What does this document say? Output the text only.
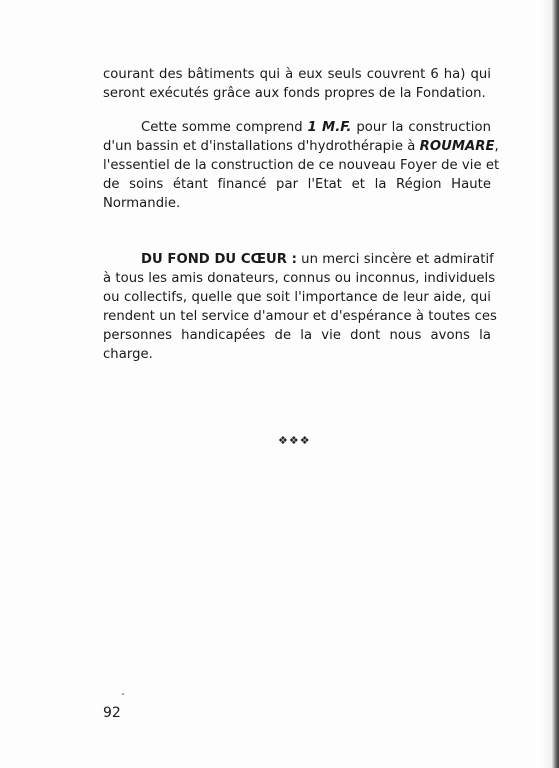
courant des bâtiments qui à eux seuls couvrent 6 ha) qui
seront exécutés grâce aux fonds propres de la Fondation.
Cette somme comprend 1 M.F. pour la construction
d'un bassin et d'installations d'hydrothérapie à ROUMARE,
l'essentiel de la construction de ce nouveau Foyer de vie et
de soins étant financé par l'Etat et la Région Haute
Normandie.
DU FOND DU CŒUR : un merci sincère et admiratif
à tous les amis donateurs, connus ou inconnus, individuels
ou collectifs, quelle que soit l'importance de leur aide, qui
rendent un tel service d'amour et d'espérance à toutes ces
personnes handicapées de la vie dont nous avons la
charge.
❖❖❖
92
